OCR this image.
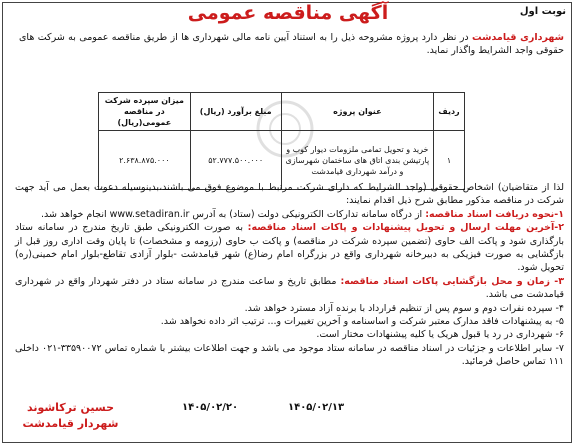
نوبت اول
آگهی مناقصه عمومی
شهرداری قیامدشت در نظر دارد پروژه مشروحه ذیل را به استناد آیین نامه مالی شهرداری ها از طریق مناقصه عمومی به شرکت های حقوقی واجد الشرایط واگذار نماید.
ردیف	عنوان پروژه	مبلغ برآورد (ریال)	میزان سپرده شرکت در مناقصه عمومی(ریال)
۱	خرید و تحویل تمامی ملزومات دیوار کوب و پارتیشن بندی اتاق های ساختمان شهرسازی و درآمد شهرداری قیامدشت	۵۲.۷۷۷.۵۰۰.۰۰۰	۲.۶۳۸.۸۷۵.۰۰۰

لذا از متقاضیان) اشخاص حقوقی (واجد الشرایط که دارای شرکت مرتبط با موضوع فوق می باشند،بدینوسیله دعوت بعمل می آید جهت شرکت در مناقصه مذکور مطابق شرح ذیل اقدام نمایند:

۱-نحوه دریافت اسناد مناقصه: از درگاه سامانه تدارکات الکترونیکی دولت (ستاد) به آدرس www.setadiran.ir انجام خواهد شد.

۲-آخرین مهلت ارسال و تحویل پیشنهادات و پاکات اسناد مناقصه: به صورت الکترونیکی طبق تاریخ مندرج در سامانه ستاد بارگذاری شود و پاکت الف حاوی (تضمین سپرده شرکت در مناقصه) و پاکت ب حاوی (رزومه و مشخصات) تا پایان وقت اداری روز قبل از بازگشایی به صورت فیزیکی به دبیرخانه شهرداری واقع در بزرگراه امام رضا(ع) شهر قیامدشت -بلوار آزادی تقاطع-بلوار امام خمینی(ره) تحویل شود.

۳- زمان و محل بازگشایی پاکات اسناد مناقصه: مطابق تاریخ و ساعت مندرج در سامانه ستاد در دفتر شهردار واقع در شهرداری قیامدشت می باشد.

۴- سپرده نفرات دوم و سوم پس از تنظیم قرارداد با برنده آزاد مسترد خواهد شد.

۵- به پیشنهادات فاقد مدارک معتبر شرکت و اساسنامه و آخرین تغییرات و... ترتیب اثر داده نخواهد شد.

۶- شهرداری در رد یا قبول هریک یا کلیه پیشنهادات مختار است.

۷- سایر اطلاعات و جزئیات در اسناد مناقصه در سامانه ستاد موجود می باشد و جهت اطلاعات بیشتر با شماره تماس ۳۳۵۹۰۰۷۲-۰۲۱ داخلی ۱۱۱ تماس حاصل فرمائید.

۱۴۰۵/۰۲/۱۳
۱۴۰۵/۰۲/۲۰
حسین ترکاشوند
شهردار قیامدشت
